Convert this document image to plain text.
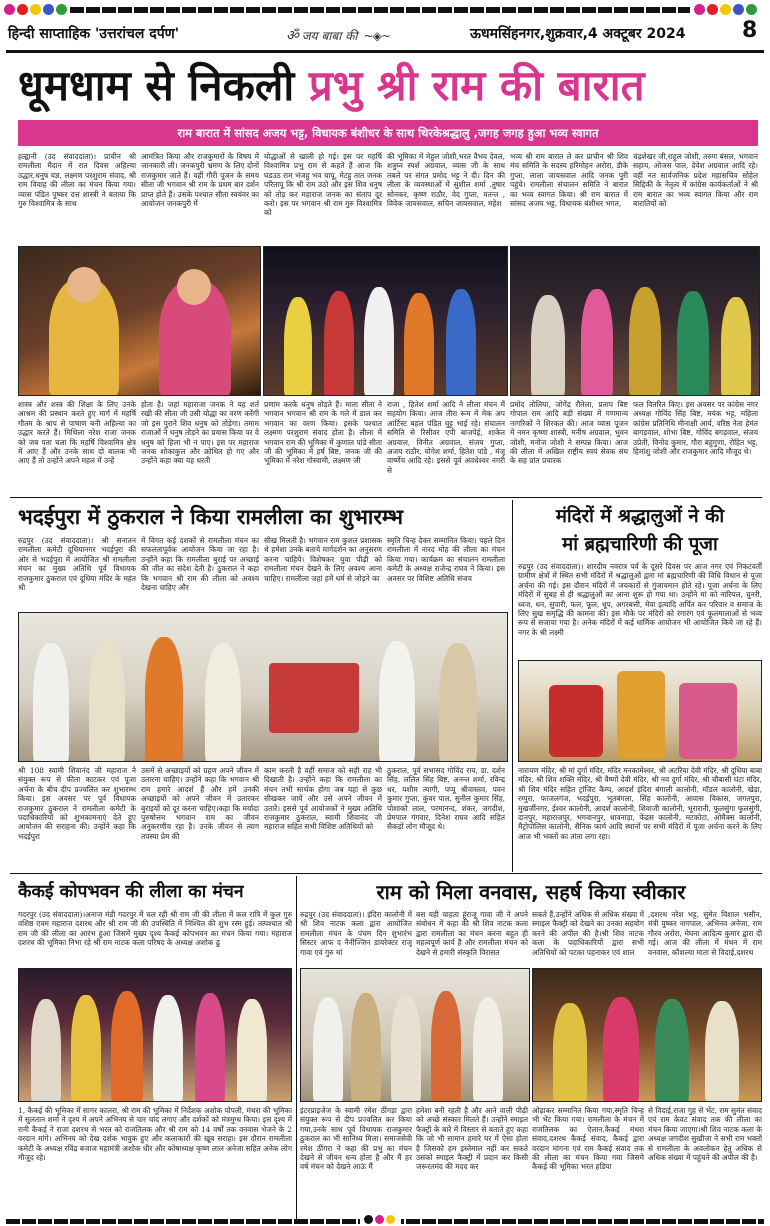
हिन्दी साप्ताहिक 'उत्तरांचल दर्पण'	ॐ जय बाबा की ~◈~	ऊधमसिंहनगर,शुक्रवार,4 अक्टूबर 2024	8
धूमधाम से निकली प्रभु श्री राम की बारात
राम बारात में सांसद अजय भट्ट, विधायक बंशीधर के साथ थिरकेश्रद्धालु ,जगह जगह हुआ भव्य स्वागत
हल्द्वानी (उद संवाददाता)। प्राचीन श्री रामलीला मैदान में रात दिवस अहिल्या उद्धार,धनुष यज्ञ, लक्ष्मण परशुराम संवाद, श्री राम विवाह की लीला का मंचन किया गया। व्यास पंडित पुष्कर दत्त शास्त्री ने बताया कि गुरु विश्वामित्र के साथ
आमंत्रित किया और राजकुमारों के विषय में जानकारी ली। जनकपुरी भ्रमण के लिए दोनों राजकुमार जाते हैं। वहीं गौरी पूजन के समय सीता जी भगवान श्री राम के प्रथम बार दर्शन प्राप्त होते हैं। उसके पश्चात सीता स्वयंवर का आयोजन जनकपुरी में
योद्धाओं से खाली हो गई। इस पर महर्षि विश्वामित्र प्रभु राम से कहते हैं आज कि घडउठ राम भंजहु भव चापू, मेटहु तात जनक परितापू कि श्री राम उठो और इस शिव धनुष को तोड़ कर महाराज जनक का संताप दूर करो। इस पर भगवान श्री राम गुरु विश्वामित्र को
की भूमिका में मेहुल जोशी,भरत वैभव देवल, शत्रुघ्न स्पर्श अग्रवाल, व्यास जी के साथ तबले पर संगत प्रमोद भट्ट ने दी। दिन की लीला के व्यवस्थाओं में सुशील शर्मा ,तुषार सोनकर, कृष्ण राठौर, वेद गुप्ता, यतन्त , विवेक जायसवाल, सचिन जायसवाल, महेश
भव्य श्री राम बारात ले कर प्राचीन श्री शिव मंच समिति के सदस्य हरिमोहन अरोरा, डीके गुप्ता, लाला जायसवाल आदि जनक पुरी पहुंचे। रामलीला संचालन समिति ने बारात का भव्य स्वागत किया। श्री राम बारात में सांसद अजय भट्ट, विधायक बंशीधर भगत,
चंद्रशेखर जी,राहुल जोशी, तरुण बंसल, भगवान सहाय, ओजस पाल, देवेश अग्रवाल आदि रहे। वहीं नत सार्वजनिक प्रदेश महासचिव सोहेल सिद्दिकी के नेतृत्व में कांग्रेस कार्यकर्ताओं ने श्री राम बारात का भव्य स्वागत किया और राम बारातियों को
शास्त्र और शस्त्र की शिक्षा के लिए उनके आश्रम की प्रस्थान करते हुए मार्ग में महर्षि गौतम के श्राप से पाषाण बनी अहिल्या का उद्धार करते हैं। मिथिला नरेश राजा जनक को जब पता चला कि महर्षि विश्वामित्र क्षेत्र में आए हैं और उनके साथ दो बालक भी आए हैं तो उन्होंने अपने महल में उन्हें
होता है। जहां महाराजा जनक ने यह शर्त रखी की सीता जी उसी योद्धा का वरण करेंगी जो इस पुराने शिव धनुष को तोड़ेगा। तमाम राजाओं ने धनुष तोड़ने का प्रयास किया पर वे धनुष को हिला भी न पाए। इस पर महाराज जनक शोकाकुल और क्रोधित हो गए और उन्होंने कहा क्या यह धरती
प्रणाम करके धनुष तोड़ते हैं। माता सीता ने भगवान भगवान श्री राम के गले में डाल कर भगवान का वरण किया। इसके पश्चात लक्ष्मण परशुराम संवाद होता है। लीला में भगवान राम की भूमिका में कुणाल पांडे सीता जी की भूमिका में हर्ष बिष्ट, जनक जी की भूमिका में नरेश गोस्वामी, लक्ष्मण जी
राजा , हितेश शर्मा आदि ने लीला मंचन में सहयोग किया। आज तीरा रूम में मेक अप आर्टिस्ट बहल पंडित घुट्ट भाई रहे। संचालन समिति से रिसीवर एपी बाजपेई, शाकेत अग्रवाल, विनीत अग्रवाल, संजय गुप्ता, अजय राठौर, योगेश शर्मा, हितेश पांडे , मंजू वार्ष्णेय आदि रहे। इससे पूर्व अवधेश्वर नगरी से
प्रमोद तोलिया, जोगेंद्र रौतेला, प्रताप बिष्ट गोपाल राम आदि बड़ी संख्या में गणमान्य नागरिकों ने शिरकत की। आज व्यास पूजन में नमन कृष्णा शास्त्री, मनीष अग्रवाल, भुवन जोशी, मनोज जोशी ने सम्पन्न किया। आज की लीला में अखिल राष्ट्रीय स्वयं सेवक संघ के सह प्रांत प्रचारक
फल वितरित किए। इस अवसर पर कांग्रेस नगर अध्यक्ष गोविंद सिंह बिष्ट, मयंक भट्ट, महिला कांग्रेस प्रतिनिधि मीनाक्षी आर्य, वरिष्ठ नेता हेमंत बागड़वाल, शोभा बिष्ट, गोविंद बगड़वाल, संजय उप्रेती, विनोद कुमार, गौरा बहुगुणा, रोहित भट्ट, हिमांशु जोशी और राजकुमार आदि मौजूद थे।
भदईपुरा में ठुकराल ने किया रामलीला का शुभारम्भ
रुद्रपुर (उद संवाददाता)। श्री सनातन रामलीला कमेटी दूधियानगर भदईपुरा की ओर से भदईपुरा में आयोजित श्री रामलीला मंचन का मुख्य अतिथि पूर्व विधायक राजकुमार ठुकराल एवं दूधिया मंदिर के महंत श्री
में विगत कई दशकों से रामलीला मंचन का सफलतापूर्वक आयोजन किया जा रहा है। उन्होंने कहा कि रामलीला बुराई पर अच्छाई की जीत का संदेश देती है। ठुकराल ने कहा कि भगवान श्री राम की लीला को अवश्य देखना चाहिए और
सीख मिलती है। भगवान राम कुशल प्रशासक थे हमेशा उनके बताये मार्गदर्शन का अनुसरण करना चाहिये। विशेषकर युवा पीढ़ी को रामलीला मंचन देखने के लिए अवश्य आना चाहिए। रामलीला जहां हमें धर्म से जोड़ने का
स्मृति चिन्ह देकर सम्मानित किया। पहले दिन रामलीला में नारद मोह की लीला का मंचन किया गया। कार्यक्रम का संचालन रामलीला कमेटी के अध्यक्ष राजेन्द्र राघव ने किया। इस अवसर पर विशिष्ट अतिथि संजय
श्री 108 स्वामी शिवानंद जी महाराज ने संयुक्त रूप से फीता काटकर एवं पूजा अर्चना के बीच दीप प्रज्वलित कर शुभारम्भ किया। इस अवसर पर पूर्व विधायक राजकुमार ठुकराल ने रामलीला कमेटी के पदाधिकारियों को शुभकामनाएं देते हुए आयोजन की सराहना की। उन्होंने कहा कि भदईपुरा
उसमें से अच्छाइयों को ग्रहण अपने जीवन में उतारना चाहिए। उन्होंने कहा कि भगवान श्री राम हमारे आदर्श हैं और हमें उनकी अच्छाइयों को अपने जीवन में उतारकर बुराइयों को दूर करना चाहिए।कहा कि मर्यादा पुरुषोत्तम भगवान राम का जीवन अनुकरणीय रहा है। उनके जीवन से त्याग तपस्या प्रेम की
काम करती है वहीं समाज को सही राह भी दिखाती है। उन्होंने कहा कि रामलीला का मंचन तभी सार्थक होगा जब यहां से कुछ सीखकर जायें और उसे अपने जीवन में उतारें। इससे पूर्व आयोजकों ने मुख्य अतिथि राजकुमार ठुकराल, स्वामी शिवानंद जी महाराज सहित सभी विशिष्ट अतिथियों को
ठुकराल, पूर्व सभासद गोविंद राय, डा. दर्शन सिंह, ललित सिंह बिष्ट, अनन्त शर्मा, रविन्द्र धर, यशीम त्यागी, पप्पू श्रीवास्तव, पवन कुमार गुप्ता, कुंवर पाल, सुनील कुमार सिंह, पोशाको लाल, परमानन्द, शंकर, जगदीश, प्रेमपाल गंगवार, दिनेश राघव आदि सहित सैकड़ों लोग मौजूद थे।
मंदिरों में श्रद्धालुओं ने की
मां ब्रह्मचारिणी की पूजा
रुद्रपुर (उद संवाददाता)। शारदीय नवरात्र पर्व के दूसरे दिवस पर आज नगर एवं निकटवर्ती ग्रामीण क्षेत्रों में स्थित सभी मंदिरों में श्रद्धालुओं द्वारा मां ब्रह्मचारिणी की विधि विधान से पूजा अर्चना की गई। इस दौरान मंदिरों में जयकारों से गुंजायमान होते रहे। पूजा अर्चना के लिए मंदिरों में सुबह से ही श्रद्धालुओं का आना शुरू हो गया था। उन्होंने मां को नारियल, चुनरी, ध्वज, धन, सुपारी, फल, फूल, धूप, अगरबत्ती, मेवा इत्यादि अर्पित कर परिवार व समाज के लिए सुख समृद्धि की कामना की। इस मौके पर मंदिरों को रंगारंग एवं फूलमालाओं से भव्य रूप से सजाया गया है। अनेक मंदिरों में कई धार्मिक आयोजन भी आयोजित किये जा रहे हैं। नगर के श्री लक्ष्मी
नारायण मंदिर, श्री मां दुर्गा मंदिर, मंदिर मनकामेश्वर, श्री अटरिया देवी मंदिर, श्री दूधिया बाबा मंदिर, श्री शिव शक्ति मंदिर, श्री वैष्णों देवी मंदिर, श्री नव दुर्गा मंदिर, श्री चौबासी घंटा मंदिर, श्री शिव मंदिर सहित ट्रांजिट कैम्प, आदर्श इंदिरा बंगाली कालोनी, मॉडल कालोनी, खेड़ा, रम्पुरा, फाजलगंज, भदईपुरा, भूतबंगला, सिंह कालोनी, आवास विकास, जगतपुरा, मुखर्जीनगर, ईश्वर कालोनी, आदर्श कालोनी, शिवाजी कालोनी, भूरारानी, फुलसुंगा फुलसुंगी, दानपुर, महाराजपुर, भगवानपुर, धावनाड़ा, फेंद्रस कालोनी, मटकोटा, ओमैक्स कालोनी, मैट्रोपोलिस कालोनी, सैनिक फार्म आदि स्थानों पर सभी मंदिरों में पूजा अर्चना करने के लिए आज भी भक्तों का तांता लगा रहा।
कैकई कोपभवन की लीला का मंचन
गदरपुर (उद संवाददाता)।अनाज मंडी गदरपुर में चल रही श्री राम जी की लीला में कल रात्रि में कुल गुरु वशिष्ठ एवम महाराज दशरथ और श्री राम जी की उपस्थिति में निश्चित की शुभ रस्म हुई। तत्पश्चात श्री राम जी की लीला का आरंभ हुआ जिसमें मुख्य दृश्य कैकई कोपभवन का मंचन किया गया। महाराज दशरथ की भूमिका निभा रहे श्री राम नाटक कला परिषद के अध्यक्ष अशोक ढु
1, कैकई की भूमिका में सागर कालरा, श्री राम की भूमिका में निर्देशक अशोक पोपली, मंथरा की भूमिका में सुलतान शर्मा ने दृश्य में अपने अभिनय से चार चांद लगाए और दर्शकों को मंत्रमुग्ध किया। इस दृश्य में रानी कैकई ने राजा दशरथ से भरत को राजतिलक और श्री राम को 14 वर्षों तक वनवास भेजने के 2 वरदान मांगे। अभिनय को देख दर्शक भावुक हुए और कलाकारों की खूब सराहा। इस दौरान रामलीला कमेटी के अध्यक्ष रविंद्र बजाज महामंत्री अशोक धीर और कोषाध्यक्ष कृष्ण लाल अनेजा सहित अनेक लोग मौजूद रहे।
राम को मिला वनवास, सहर्ष किया स्वीकार
रुद्रपुर (उद संवाददाता)। इंदिरा कालोनी में श्री शिव नाटक कला द्वारा आयोजित रामलीला मंचन के पंचम दिन शुभारंभ सिस्टर आफ द नैनीज्जिन डायरेक्टर राजू गावा एवं गुरु मां
बस यही चाहता हूंराजू गावा जी ने अपने संबोधन में कहा की श्री शिव नाटक कला द्वारा रामलीला का मंचन करना बहुत ही महत्वपूर्ण कार्य है और रामलीला मंचन को देखने से हमारी संस्कृति विरासत
सकते हैं,उन्होंने अधिक से अधिक संख्या में स्माइल फैक्ट्री को देखने का उनका सहयोग करने की अपील की है।श्री शिव नाटक कला के पदाधिकारियों द्वारा सभी अतिथियों को पटका पहनाकर एवं शाल
,दशरथ नरेश भट्ट, सुमेत विशाल भसीन, मंत्री पुष्कर नागपाल, अभिनव अनेजा, राम गौरव अरोरा, मेघना आदित्य कुमार द्वारा दी गई। आज की लीला में मंथन में राम वनवास, कौशल्या माता से विदाई,दशरथ
इंटरप्राइजेज के स्वामी रमेश ठींगड़ा द्वारा संयुक्त रूप से दीप प्रज्वलित कर किया गया,उनके साथ पूर्व विधायक राजकुमार ठुकराल का भी सानिध्य मिला। समाजसेवी रमेश ठींगरा ने कहा की प्रभु का मंचन देखने से जीवन धन्य होता है और मैं हर वर्ष मंचन को देखने आऊं मैं
हमेशा बनी रहती है और आने वाली पीढ़ी को अच्छे संस्कार मिलते हैं। उन्होंने स्माइल फैक्ट्री के बारे में विस्तार से बताते हुए कहा कि जो भी सामान हमारे घर में ऐसा होता है जिसको हम इस्तेमाल नहीं कर सकते उसको स्माइल फैक्ट्री में प्रदान कर किसी जरूरतमंद की मदद कर
ओढ़ाकर सम्मानित किया गया,स्मृति चिन्ह भी भेंट किया गया। रामलीला के मंचन में राजतिलक का ऐलान,कैकई मंथरा संवाद,दशरथ कैकई संवाद, कैकई द्वारा वरदान मांगना एवं राम कैकई संवाद तक की लीला का मंचन किया गया जिसमे कैकई की भूमिका भरत हडिया
से विदाई,राजा गुह से भेंट, राम सुमंत संवाद एवं राम केवट संवाद तक की लीला का मंचन किया जाएगा।श्री शिव नाटक कला के अध्यक्ष जगदीश सुखीजा ने सभी राम भक्तों से रामलीला के अवलोकन हेतु अधिक से अधिक संख्या में पहुंचने की अपील की है।
